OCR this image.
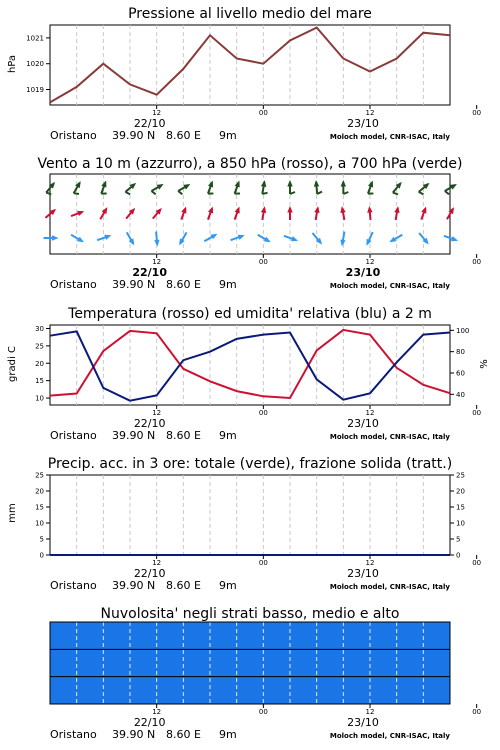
Pressione al livello medio del mare
hPa
1019
1020
1021
12	00	12	00
22/10	23/10
Oristano 39.90 N 8.60 E 9m	Moloch model, CNR-ISAC, Italy
Vento a 10 m (azzurro), a 850 hPa (rosso), a 700 hPa (verde)
12	00	12	00
22/10	23/10
Oristano 39.90 N 8.60 E 9m	Moloch model, CNR-ISAC, Italy
Temperatura (rosso) ed umidita' relativa (blu) a 2 m
gradi C	%
10
15
20
25
30
40
60
80
100
12	00	12	00
22/10	23/10
Oristano 39.90 N 8.60 E 9m	Moloch model, CNR-ISAC, Italy
Precip. acc. in 3 ore: totale (verde), frazione solida (tratt.)
mm
0
5
10
15
20
25
0
5
10
15
20
25
12	00	12	00
22/10	23/10
Oristano 39.90 N 8.60 E 9m	Moloch model, CNR-ISAC, Italy
Nuvolosita' negli strati basso, medio e alto
12	00	12	00
22/10	23/10
Oristano 39.90 N 8.60 E 9m	Moloch model, CNR-ISAC, Italy
